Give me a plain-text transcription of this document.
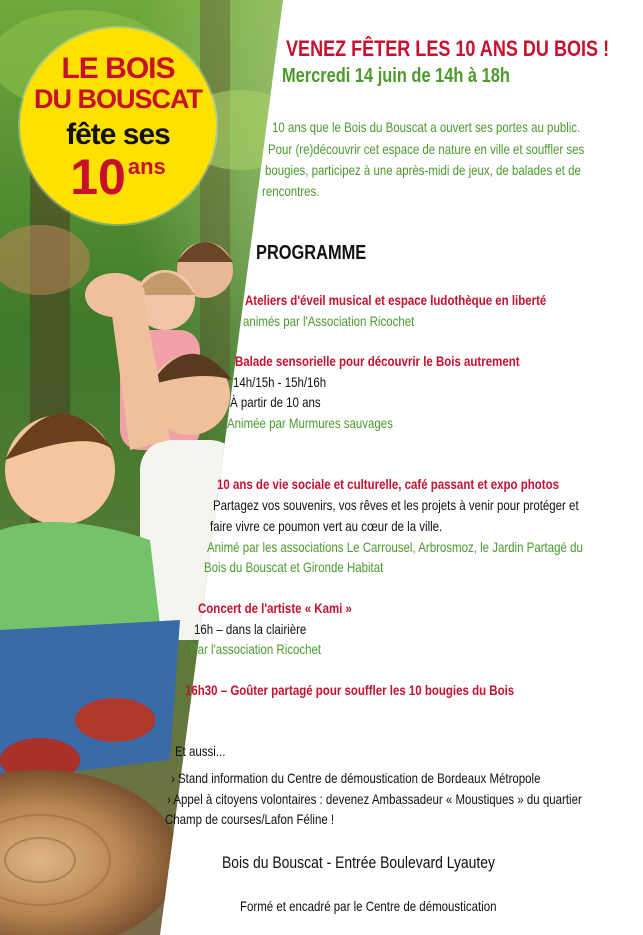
LE BOIS
DU BOUSCAT
fête ses
10ans
VENEZ FÊTER LES 10 ANS DU BOIS !
Mercredi 14 juin de 14h à 18h
10 ans que le Bois du Bouscat a ouvert ses portes au public.
Pour (re)découvrir cet espace de nature en ville et souffler ses
bougies, participez à une après-midi de jeux, de balades et de
rencontres.
PROGRAMME
Ateliers d'éveil musical et espace ludothèque en liberté
animés par l'Association Ricochet
Balade sensorielle pour découvrir le Bois autrement
14h/15h - 15h/16h
À partir de 10 ans
Animée par Murmures sauvages
10 ans de vie sociale et culturelle, café passant et expo photos
Partagez vos souvenirs, vos rêves et les projets à venir pour protéger et
faire vivre ce poumon vert au cœur de la ville.
Animé par les associations Le Carrousel, Arbrosmoz, le Jardin Partagé du
Bois du Bouscat et Gironde Habitat
Concert de l'artiste « Kami »
16h – dans la clairière
Par l'association Ricochet
16h30 – Goûter partagé pour souffler les 10 bougies du Bois
Et aussi...
› Stand information du Centre de démoustication de Bordeaux Métropole
› Appel à citoyens volontaires : devenez Ambassadeur « Moustiques » du quartier
Champ de courses/Lafon Féline !
Bois du Bouscat - Entrée Boulevard Lyautey
Formé et encadré par le Centre de démoustication
